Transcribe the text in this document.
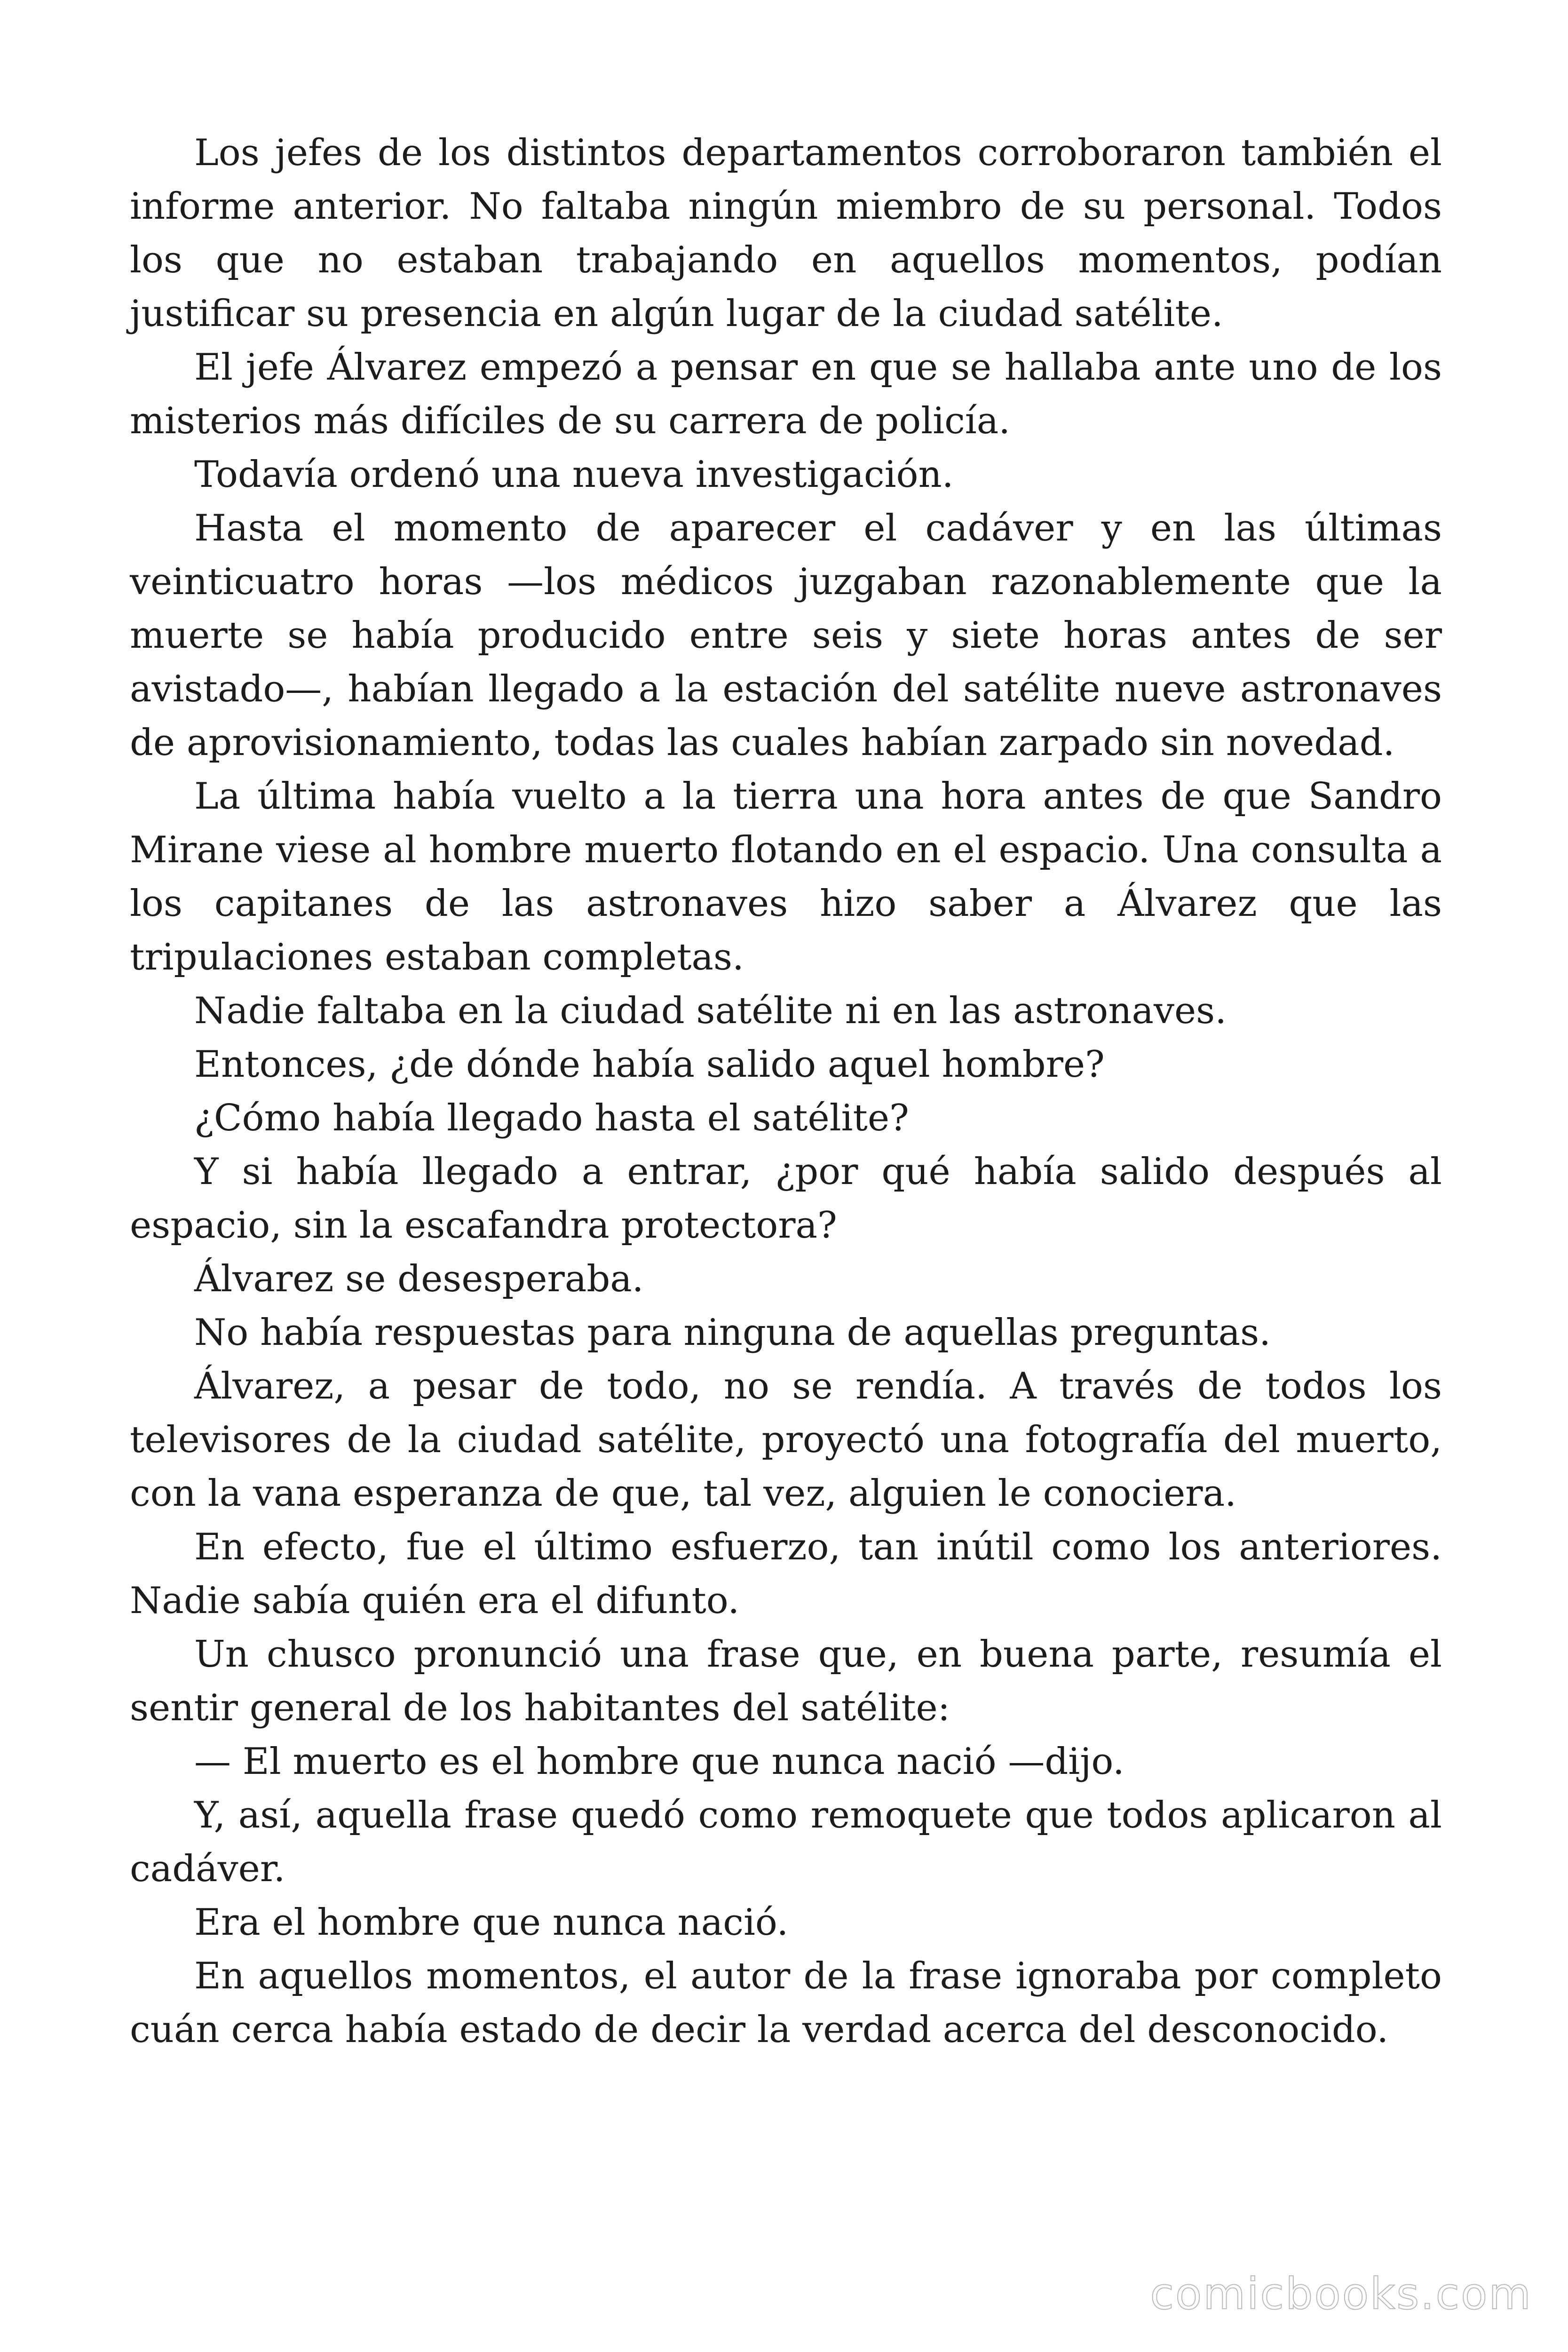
Los jefes de los distintos departamentos corroboraron también el informe anterior. No faltaba ningún miembro de su personal. Todos los que no estaban trabajando en aquellos momentos, podían justificar su presencia en algún lugar de la ciudad satélite.

El jefe Álvarez empezó a pensar en que se hallaba ante uno de los misterios más difíciles de su carrera de policía.

Todavía ordenó una nueva investigación.

Hasta el momento de aparecer el cadáver y en las últimas veinticuatro horas —los médicos juzgaban razonablemente que la muerte se había producido entre seis y siete horas antes de ser avistado—, habían llegado a la estación del satélite nueve astronaves de aprovisionamiento, todas las cuales habían zarpado sin novedad.

La última había vuelto a la tierra una hora antes de que Sandro Mirane viese al hombre muerto flotando en el espacio. Una consulta a los capitanes de las astronaves hizo saber a Álvarez que las tripulaciones estaban completas.

Nadie faltaba en la ciudad satélite ni en las astronaves.

Entonces, ¿de dónde había salido aquel hombre?

¿Cómo había llegado hasta el satélite?

Y si había llegado a entrar, ¿por qué había salido después al espacio, sin la escafandra protectora?

Álvarez se desesperaba.

No había respuestas para ninguna de aquellas preguntas.

Álvarez, a pesar de todo, no se rendía. A través de todos los televisores de la ciudad satélite, proyectó una fotografía del muerto, con la vana esperanza de que, tal vez, alguien le conociera.

En efecto, fue el último esfuerzo, tan inútil como los anteriores. Nadie sabía quién era el difunto.

Un chusco pronunció una frase que, en buena parte, resumía el sentir general de los habitantes del satélite:

— El muerto es el hombre que nunca nació —dijo.

Y, así, aquella frase quedó como remoquete que todos aplicaron al cadáver.

Era el hombre que nunca nació.

En aquellos momentos, el autor de la frase ignoraba por completo cuán cerca había estado de decir la verdad acerca del desconocido.

comicbooks.com
